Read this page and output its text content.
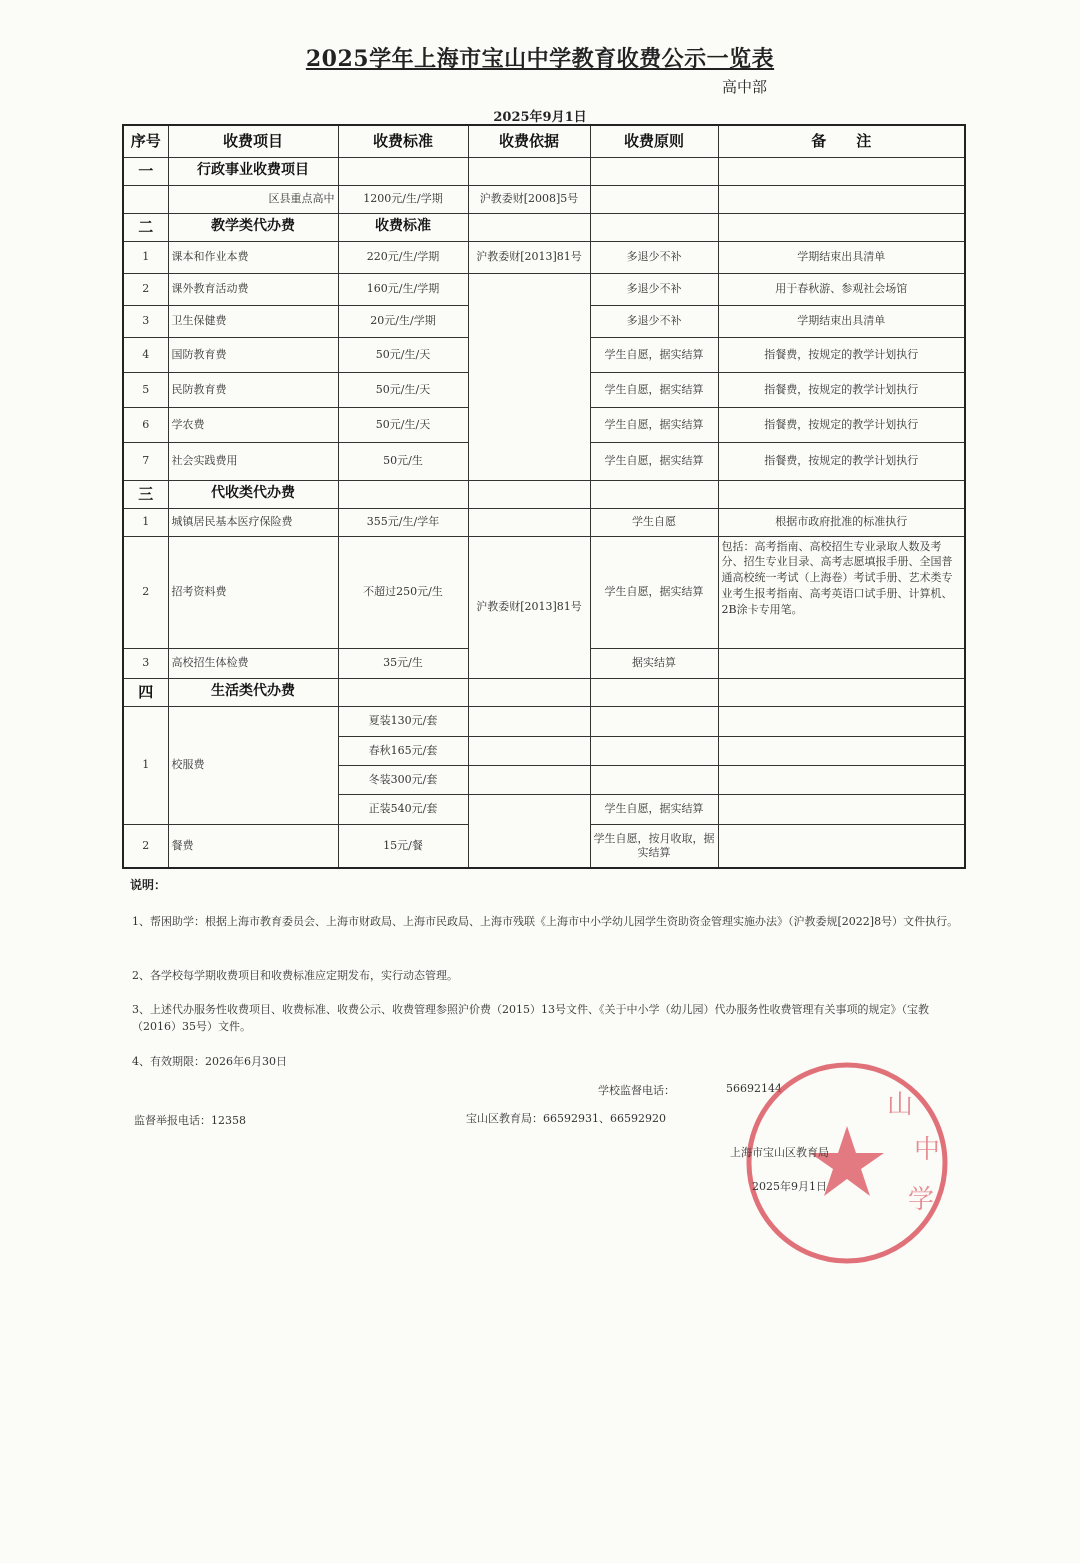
2025学年上海市宝山中学教育收费公示一览表
高中部
2025年9月1日
序号	收费项目	收费标准	收费依据	收费原则	备　　注
一	行政事业收费项目				
	区县重点高中	1200元/生/学期	沪教委财[2008]5号		
二	教学类代办费	收费标准			
1	课本和作业本费	220元/生/学期	沪教委财[2013]81号	多退少不补	学期结束出具清单
2	课外教育活动费	160元/生/学期		多退少不补	用于春秋游、参观社会场馆
3	卫生保健费	20元/生/学期		多退少不补	学期结束出具清单
4	国防教育费	50元/生/天		学生自愿，据实结算	指餐费，按规定的教学计划执行
5	民防教育费	50元/生/天		学生自愿，据实结算	指餐费，按规定的教学计划执行
6	学农费	50元/生/天		学生自愿，据实结算	指餐费，按规定的教学计划执行
7	社会实践费用	50元/生		学生自愿，据实结算	指餐费，按规定的教学计划执行
三	代收类代办费				
1	城镇居民基本医疗保险费	355元/生/学年		学生自愿	根据市政府批准的标准执行
2	招考资料费	不超过250元/生	沪教委财[2013]81号	学生自愿，据实结算	包括：高考指南、高校招生专业录取人数及考分、招生专业目录、高考志愿填报手册、全国普通高校统一考试（上海卷）考试手册、艺术类专业考生报考指南、高考英语口试手册、计算机、2B涂卡专用笔。
3	高校招生体检费	35元/生		据实结算	
四	生活类代办费				
1	校服费	夏装130元/套			
		春秋165元/套			
		冬装300元/套			
		正装540元/套		学生自愿，据实结算	
2	餐费	15元/餐		学生自愿，按月收取，据实结算	
说明：
1、帮困助学：根据上海市教育委员会、上海市财政局、上海市民政局、上海市残联《上海市中小学幼儿园学生资助资金管理实施办法》（沪教委规[2022]8号）文件执行。
2、各学校每学期收费项目和收费标准应定期发布，实行动态管理。
3、上述代办服务性收费项目、收费标准、收费公示、收费管理参照沪价费（2015）13号文件、《关于中小学（幼儿园）代办服务性收费管理有关事项的规定》（宝教（2016）35号）文件。
4、有效期限：2026年6月30日
学校监督电话：	56692144
监督举报电话：12358	宝山区教育局：66592931、66592920	山
中
学
上海市宝山区教育局
2025年9月1日
